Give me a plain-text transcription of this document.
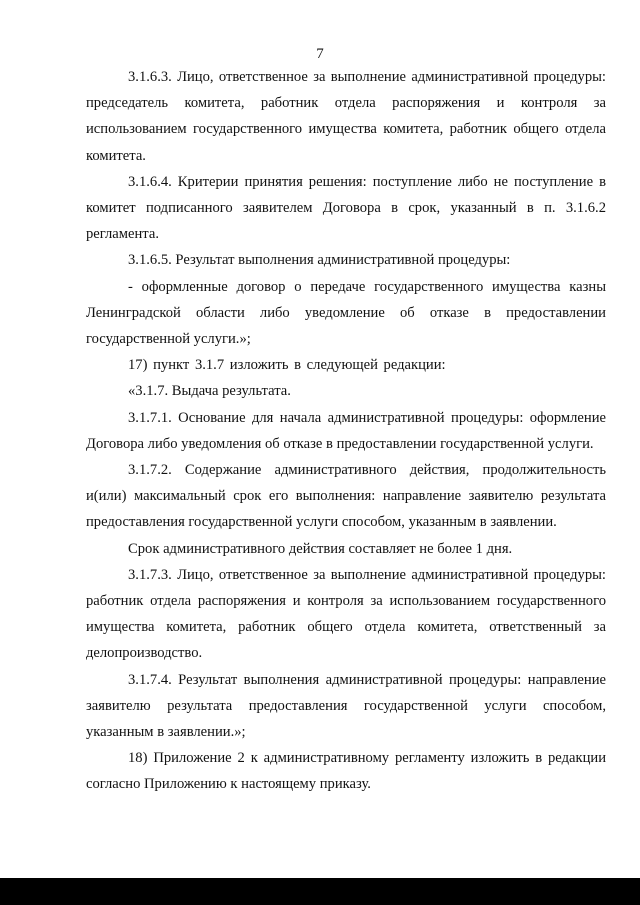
7

3.1.6.3. Лицо, ответственное за выполнение административной процедуры: председатель комитета, работник отдела распоряжения и контроля за использованием государственного имущества комитета, работник общего отдела комитета.

3.1.6.4. Критерии принятия решения: поступление либо не поступление в комитет подписанного заявителем Договора в срок, указанный в п. 3.1.6.2 регламента.

3.1.6.5. Результат выполнения административной процедуры:

- оформленные договор о передаче государственного имущества казны Ленинградской области либо уведомление об отказе в предоставлении государственной услуги.»;

17) пункт 3.1.7 изложить в следующей редакции:

«3.1.7. Выдача результата.

3.1.7.1. Основание для начала административной процедуры: оформление Договора либо уведомления об отказе в предоставлении государственной услуги.

3.1.7.2. Содержание административного действия, продолжительность и(или) максимальный срок его выполнения: направление заявителю результата предоставления государственной услуги способом, указанным в заявлении.

Срок административного действия составляет не более 1 дня.

3.1.7.3. Лицо, ответственное за выполнение административной процедуры: работник отдела распоряжения и контроля за использованием государственного имущества комитета, работник общего отдела комитета, ответственный за делопроизводство.

3.1.7.4. Результат выполнения административной процедуры: направление заявителю результата предоставления государственной услуги способом, указанным в заявлении.»;

18) Приложение 2 к административному регламенту изложить в редакции согласно Приложению к настоящему приказу.
